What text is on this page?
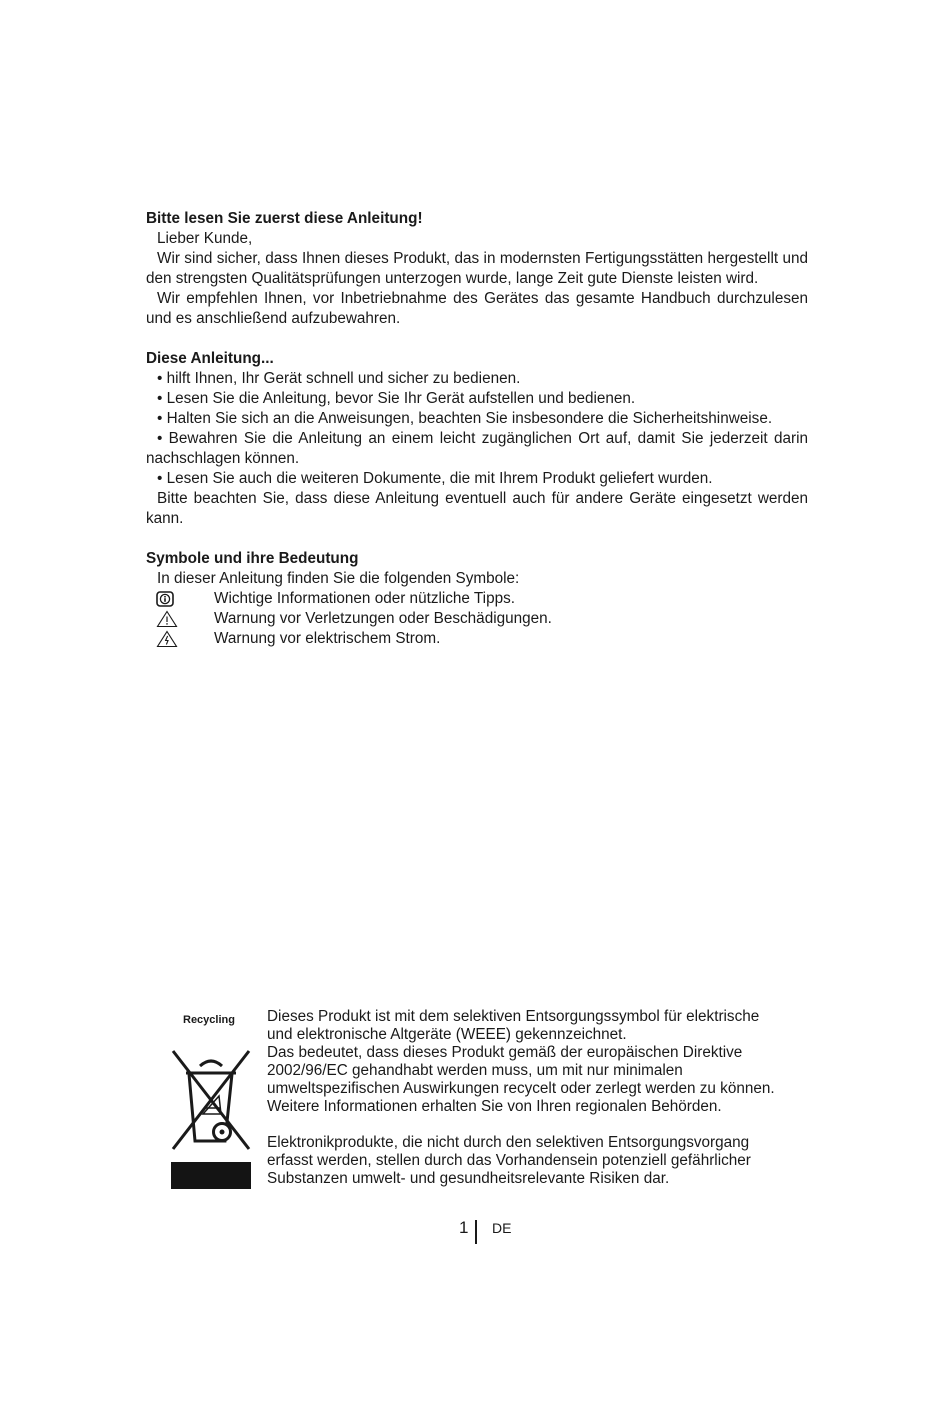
Bitte lesen Sie zuerst diese Anleitung!
Lieber Kunde,
Wir sind sicher, dass Ihnen dieses Produkt, das in modernsten Fertigungsstätten hergestellt und den strengsten Qualitätsprüfungen unterzogen wurde, lange Zeit gute Dienste leisten wird.
Wir empfehlen Ihnen, vor Inbetriebnahme des Gerätes das gesamte Handbuch durchzulesen und es anschließend aufzubewahren.
Diese Anleitung...
• hilft Ihnen, Ihr Gerät schnell und sicher zu bedienen.
• Lesen Sie die Anleitung, bevor Sie Ihr Gerät aufstellen und bedienen.
• Halten Sie sich an die Anweisungen, beachten Sie insbesondere die Sicherheitshinweise.
• Bewahren Sie die Anleitung an einem leicht zugänglichen Ort auf, damit Sie jederzeit darin nachschlagen können.
• Lesen Sie auch die weiteren Dokumente, die mit Ihrem Produkt geliefert wurden.
Bitte beachten Sie, dass diese Anleitung eventuell auch für andere Geräte eingesetzt werden kann.
Symbole und ihre Bedeutung
In dieser Anleitung finden Sie die folgenden Symbole:
Wichtige Informationen oder nützliche Tipps.
Warnung vor Verletzungen oder Beschädigungen.
Warnung vor elektrischem Strom.
Recycling Dieses Produkt ist mit dem selektiven Entsorgungssymbol für elektrische
und elektronische Altgeräte (WEEE) gekennzeichnet.
Das bedeutet, dass dieses Produkt gemäß der europäischen Direktive
2002/96/EC gehandhabt werden muss, um mit nur minimalen
umweltspezifischen Auswirkungen recycelt oder zerlegt werden zu können.
Weitere Informationen erhalten Sie von Ihren regionalen Behörden.
Elektronikprodukte, die nicht durch den selektiven Entsorgungsvorgang
erfasst werden, stellen durch das Vorhandensein potenziell gefährlicher
Substanzen umwelt- und gesundheitsrelevante Risiken dar.
1 DE
